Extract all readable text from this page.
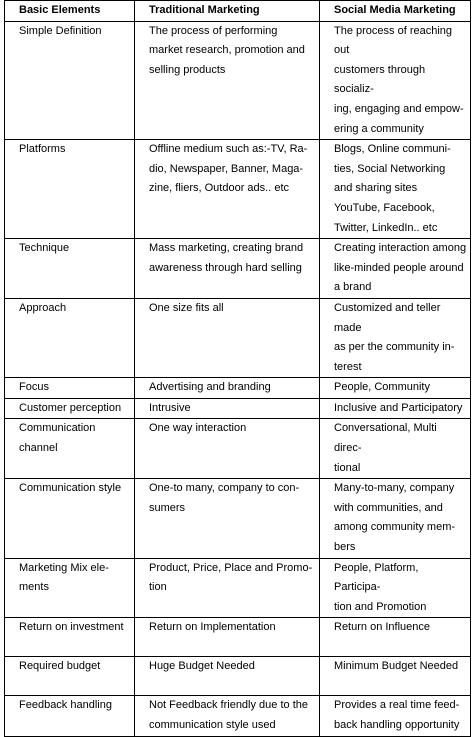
Basic Elements	Traditional Marketing	Social Media Marketing

Simple Definition	The process of performing
market research, promotion and
selling products	The process of reaching out
customers through socializ-
ing, engaging and empow-
ering a community

Platforms	Offline medium such as:-TV, Ra-
dio, Newspaper, Banner, Maga-
zine, fliers, Outdoor ads.. etc	Blogs, Online communi-
ties, Social Networking
and sharing sites
YouTube, Facebook,
Twitter, LinkedIn.. etc

Technique	Mass marketing, creating brand
awareness through hard selling	Creating interaction among
like-minded people around
a brand

Approach	One size fits all	Customized and teller made
as per the community in-
terest

Focus	Advertising and branding	People, Community

Customer perception	Intrusive	Inclusive and Participatory

Communication
channel	One way interaction	Conversational, Multi direc-
tional

Communication style	One-to many, company to con-
sumers	Many-to-many, company
with communities, and
among community mem-
bers

Marketing Mix ele-
ments	Product, Price, Place and Promo-
tion	People, Platform, Participa-
tion and Promotion

Return on investment	Return on Implementation	Return on Influence

Required budget	Huge Budget Needed	Minimum Budget Needed

Feedback handling	Not Feedback friendly due to the
communication style used	Provides a real time feed-
back handling opportunity
